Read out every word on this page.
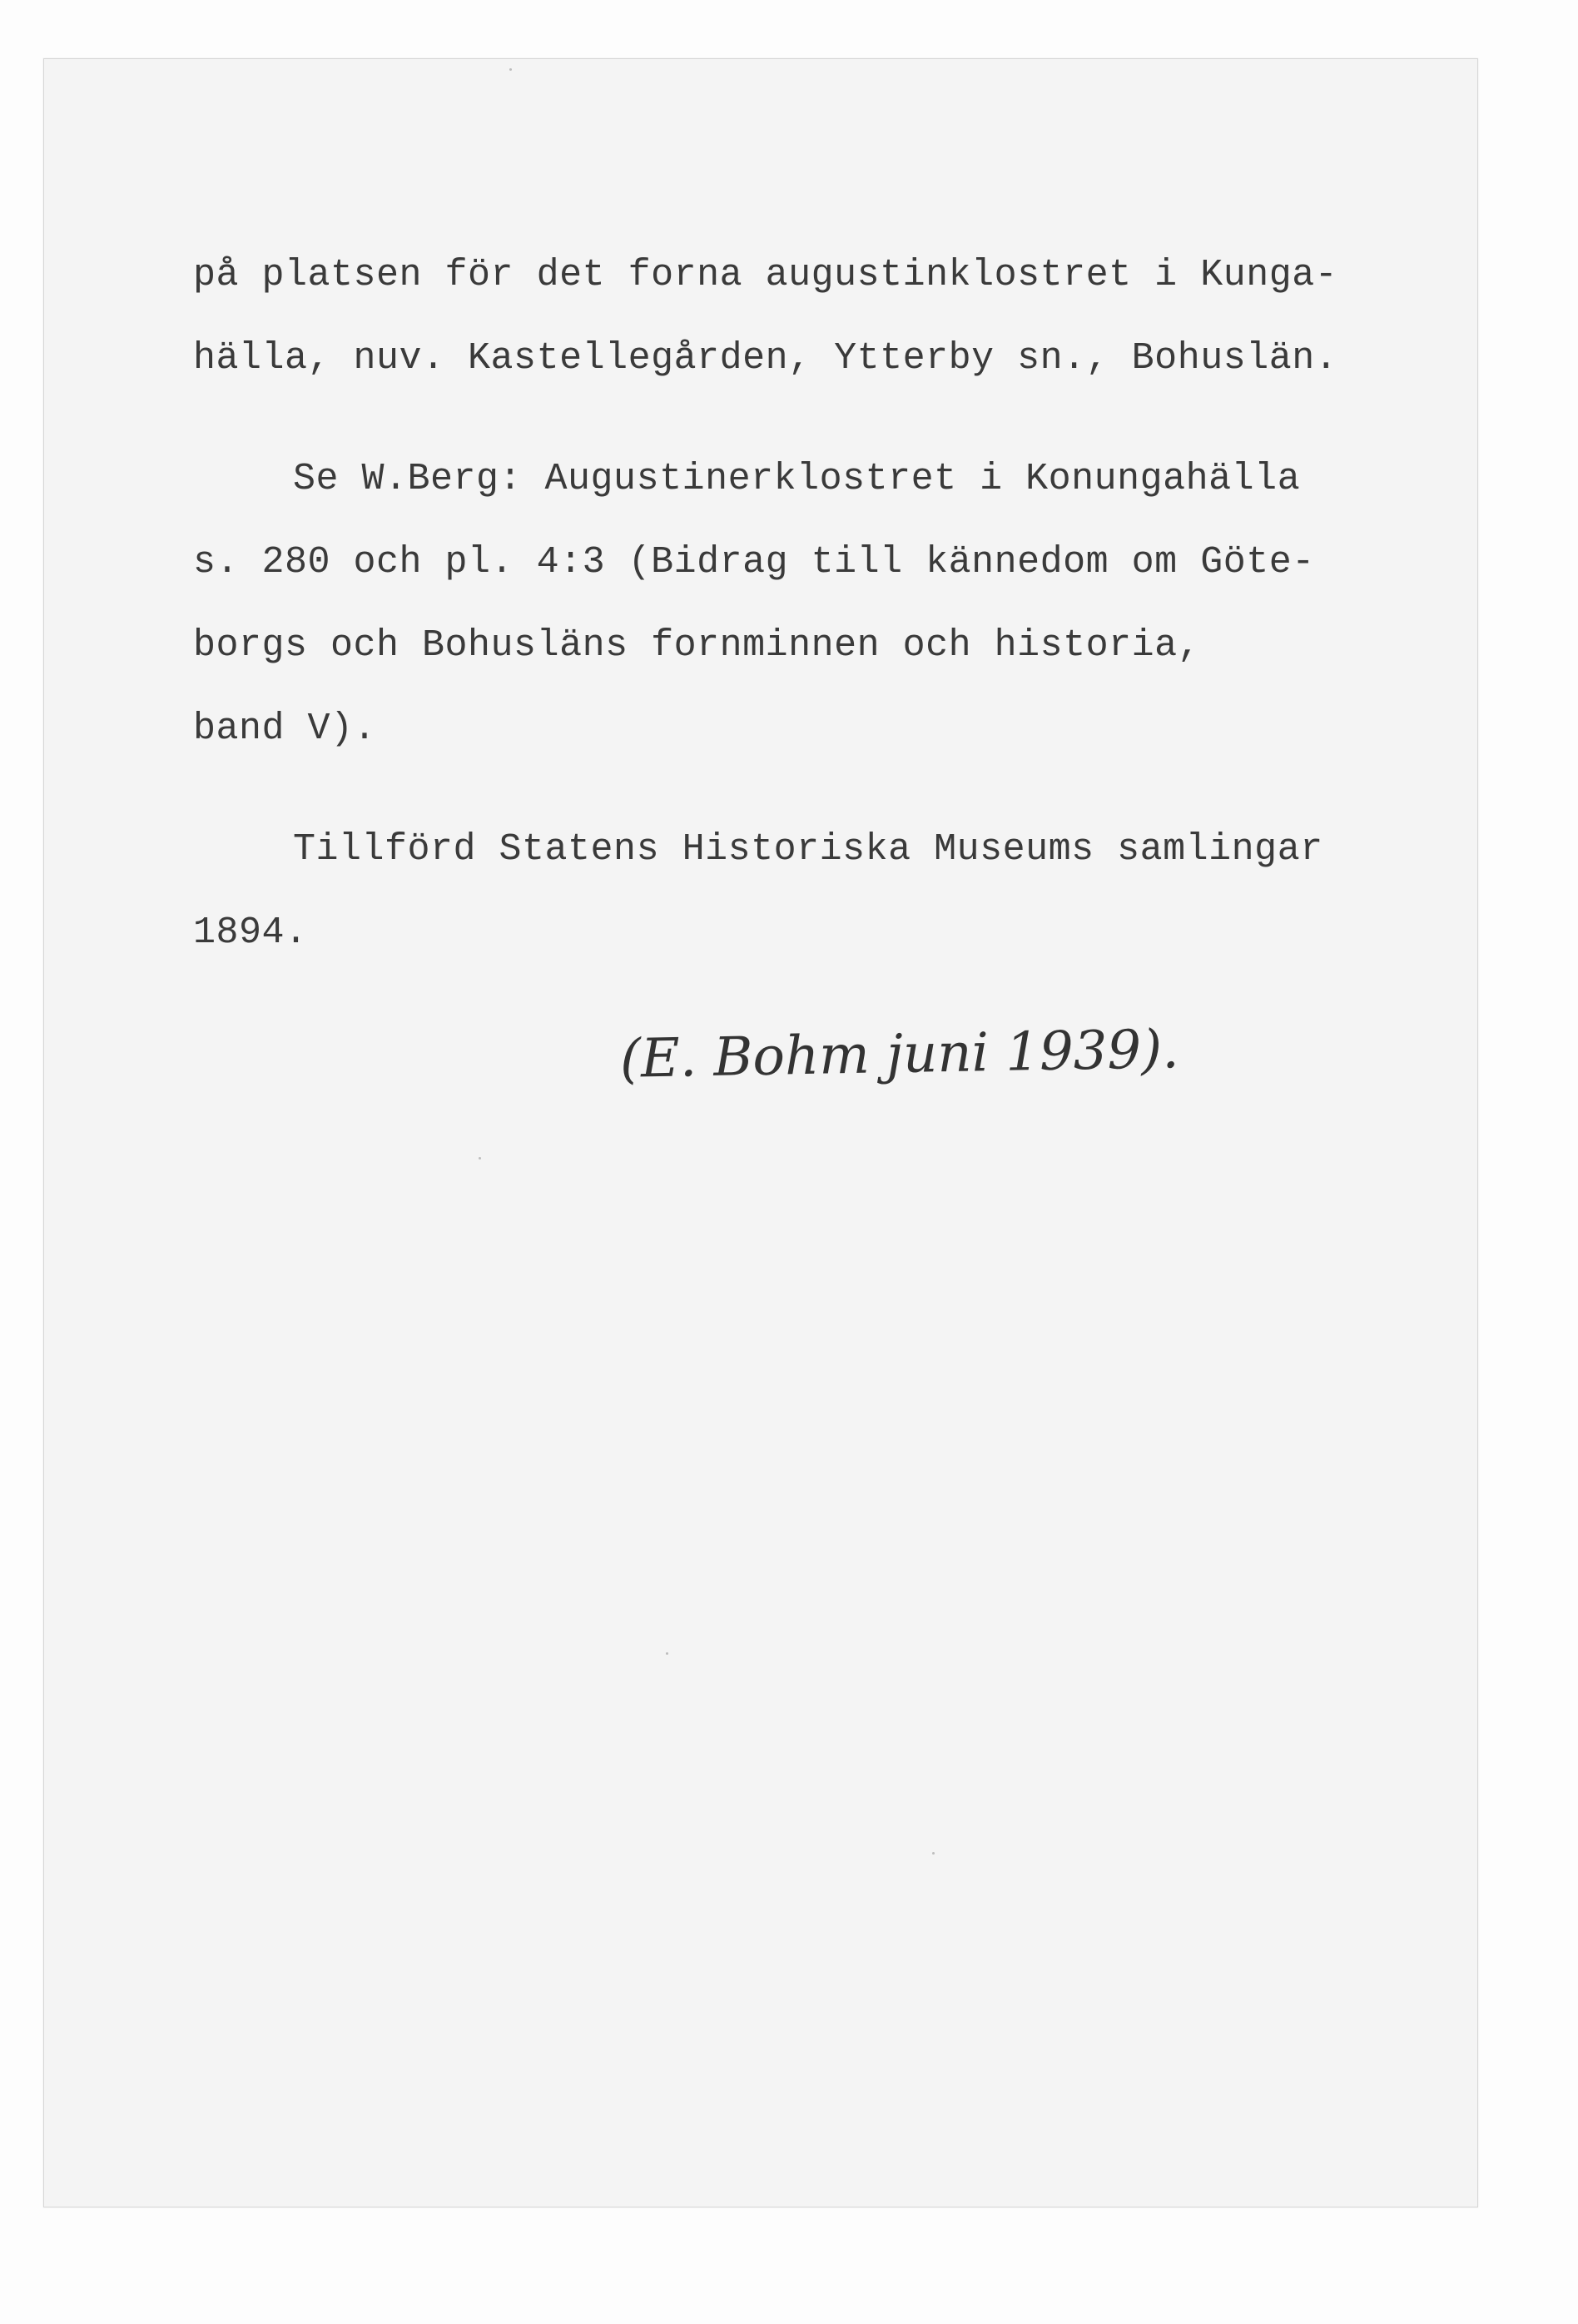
på platsen för det forna augustinklostret i Kunga-
hälla, nuv. Kastellegården, Ytterby sn., Bohuslän.
Se W.Berg: Augustinerklostret i Konungahälla
s. 280 och pl. 4:3 (Bidrag till kännedom om Göte-
borgs och Bohusläns fornminnen och historia,
band V).
Tillförd Statens Historiska Museums samlingar
1894.
(E. Bohm juni 1939).
